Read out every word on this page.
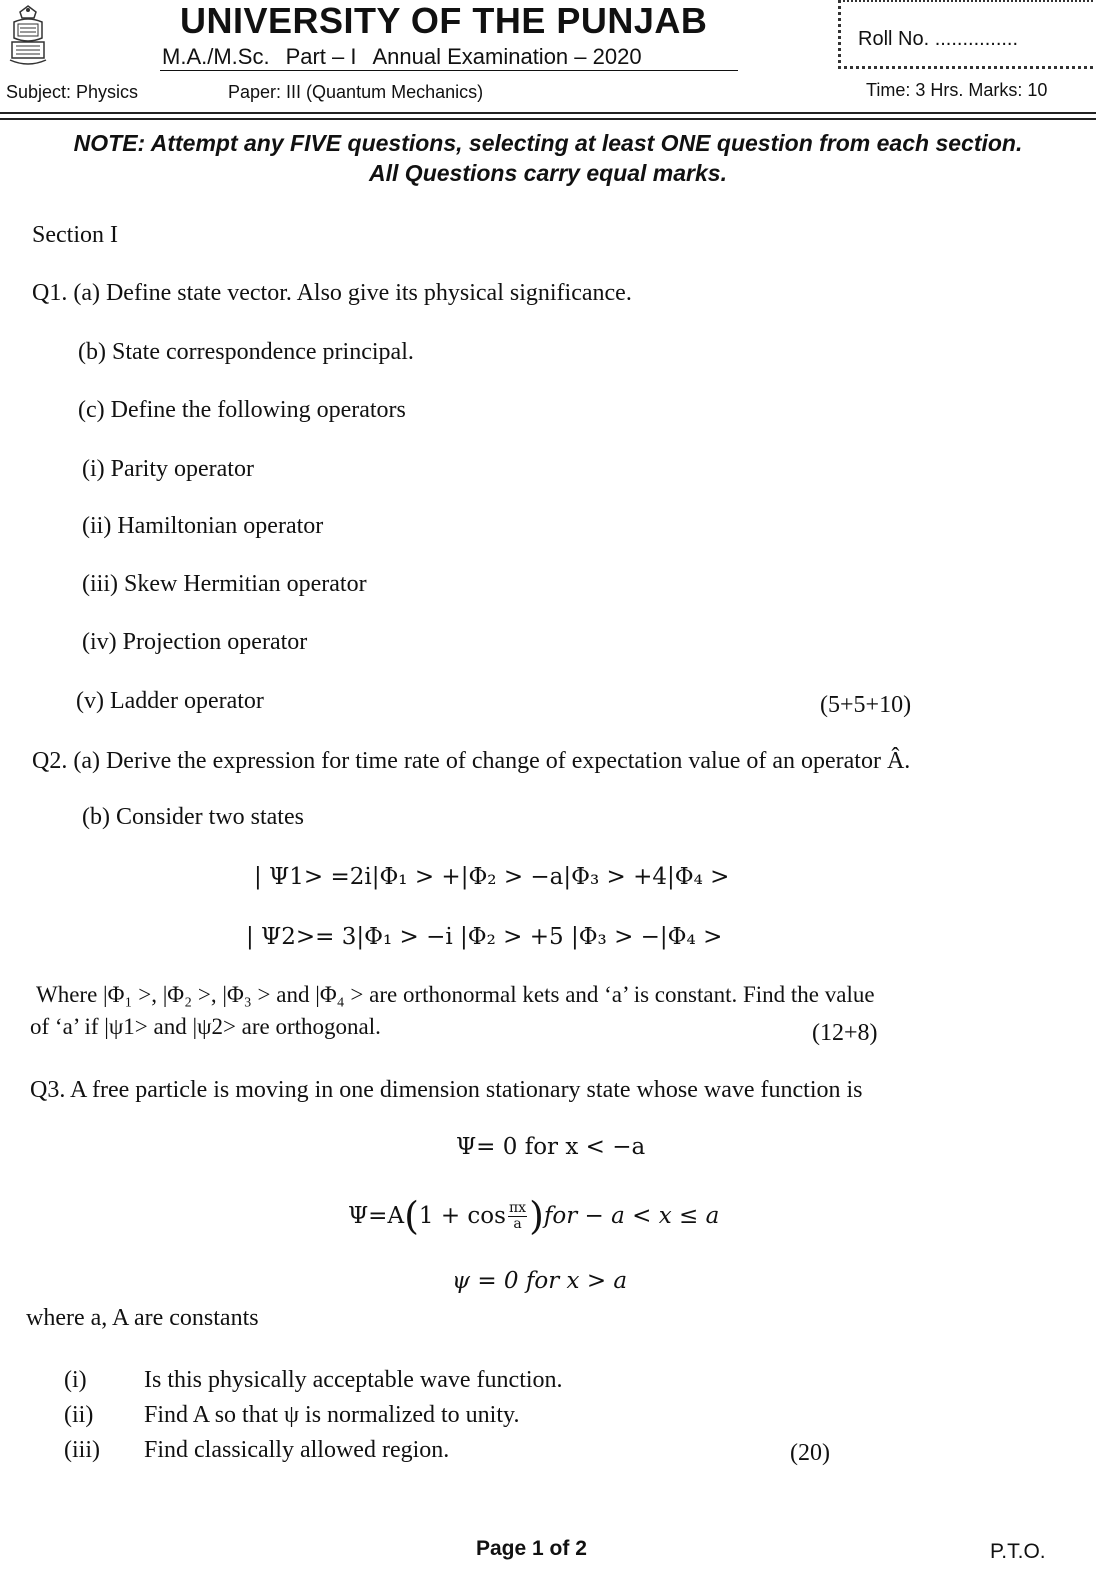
UNIVERSITY OF THE PUNJAB
M.A./M.Sc. Part – I Annual Examination – 2020
Roll No. ...............
Subject: Physics	Paper: III (Quantum Mechanics)	Time: 3 Hrs. Marks: 10
NOTE: Attempt any FIVE questions, selecting at least ONE question from each section.
All Questions carry equal marks.
Section I
Q1. (a) Define state vector. Also give its physical significance.
(b) State correspondence principal.
(c) Define the following operators
(i) Parity operator
(ii) Hamiltonian operator
(iii) Skew Hermitian operator
(iv) Projection operator
(v) Ladder operator	(5+5+10)
Q2. (a) Derive the expression for time rate of change of expectation value of an operator Â.
(b) Consider two states
| Ψ1> =2i|Φ₁ > +|Φ₂ > −a|Φ₃ > +4|Φ₄ >
| Ψ2>= 3|Φ₁ > −i |Φ₂ > +5 |Φ₃ > −|Φ₄ >
Where |Φ₁ >, |Φ₂ >, |Φ₃ > and |Φ₄ > are orthonormal kets and ‘a’ is constant. Find the value
of ‘a’ if |ψ1> and |ψ2> are orthogonal.	(12+8)
Q3. A free particle is moving in one dimension stationary state whose wave function is
Ψ= 0 for x < −a
$\Psi=A(1 + \cos \frac{\pi x}{a} )for - a < x \le a$
ψ = 0 for x > a
where a, A are constants
(i) Is this physically acceptable wave function.
(ii) Find A so that ψ is normalized to unity.
(iii) Find classically allowed region.	(20)
Page 1 of 2	P.T.O.
